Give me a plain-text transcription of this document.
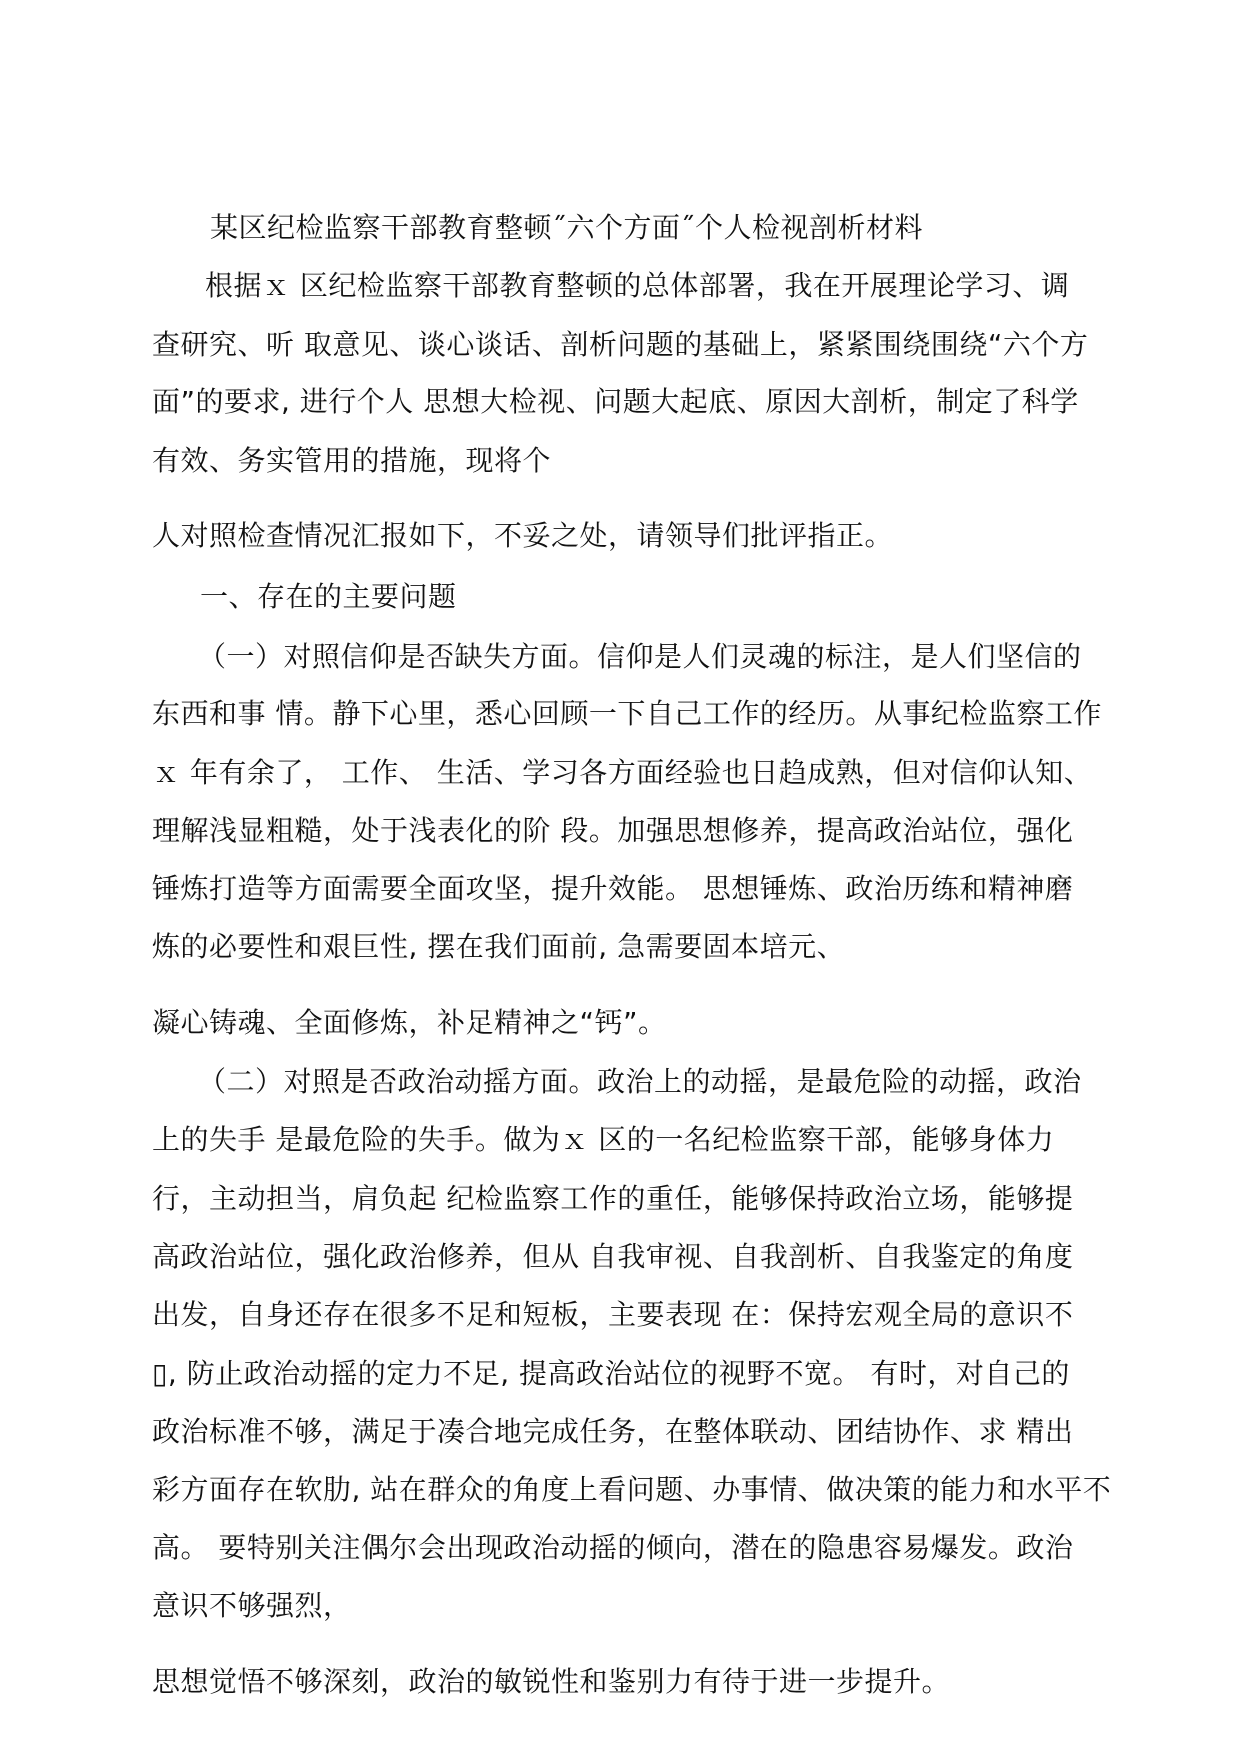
某区纪检监察干部教育整顿˝六个方面˝个人检视剖析材料
根据ｘ 区纪检监察干部教育整顿的总体部署，我在开展理论学习、调
查研究、听 取意见、谈心谈话、剖析问题的基础上，紧紧围绕围绕“六个方
面”的要求, 进行个人 思想大检视、问题大起底、原因大剖析，制定了科学
有效、务实管用的措施，现将个
人对照检查情况汇报如下，不妥之处，请领导们批评指正。
一、存在的主要问题
（一）对照信仰是否缺失方面。信仰是人们灵魂的标注，是人们坚信的
东西和事 情。静下心里，悉心回顾一下自己工作的经历。从事纪检监察工作
ｘ 年有余了， 工作、 生活、学习各方面经验也日趋成熟，但对信仰认知、
理解浅显粗糙，处于浅表化的阶 段。加强思想修养，提高政治站位，强化
锤炼打造等方面需要全面攻坚，提升效能。 思想锤炼、政治历练和精神磨
炼的必要性和艰巨性, 摆在我们面前, 急需要固本培元、
凝心铸魂、全面修炼，补足精神之“钙”。
（二）对照是否政治动摇方面。政治上的动摇，是最危险的动摇，政治
上的失手 是最危险的失手。做为ｘ 区的一名纪检监察干部，能够身体力
行，主动担当，肩负起 纪检监察工作的重任，能够保持政治立场，能够提
高政治站位，强化政治修养，但从 自我审视、自我剖析、自我鉴定的角度
出发，自身还存在很多不足和短板，主要表现 在：保持宏观全局的意识不
▯, 防止政治动摇的定力不足, 提高政治站位的视野不宽。 有时，对自己的
政治标准不够，满足于凑合地完成任务，在整体联动、团结协作、求 精出
彩方面存在软肋, 站在群众的角度上看问题、办事情、做决策的能力和水平不
高。 要特别关注偶尔会出现政治动摇的倾向，潜在的隐患容易爆发。政治
意识不够强烈，
思想觉悟不够深刻，政治的敏锐性和鉴别力有待于进一步提升。
